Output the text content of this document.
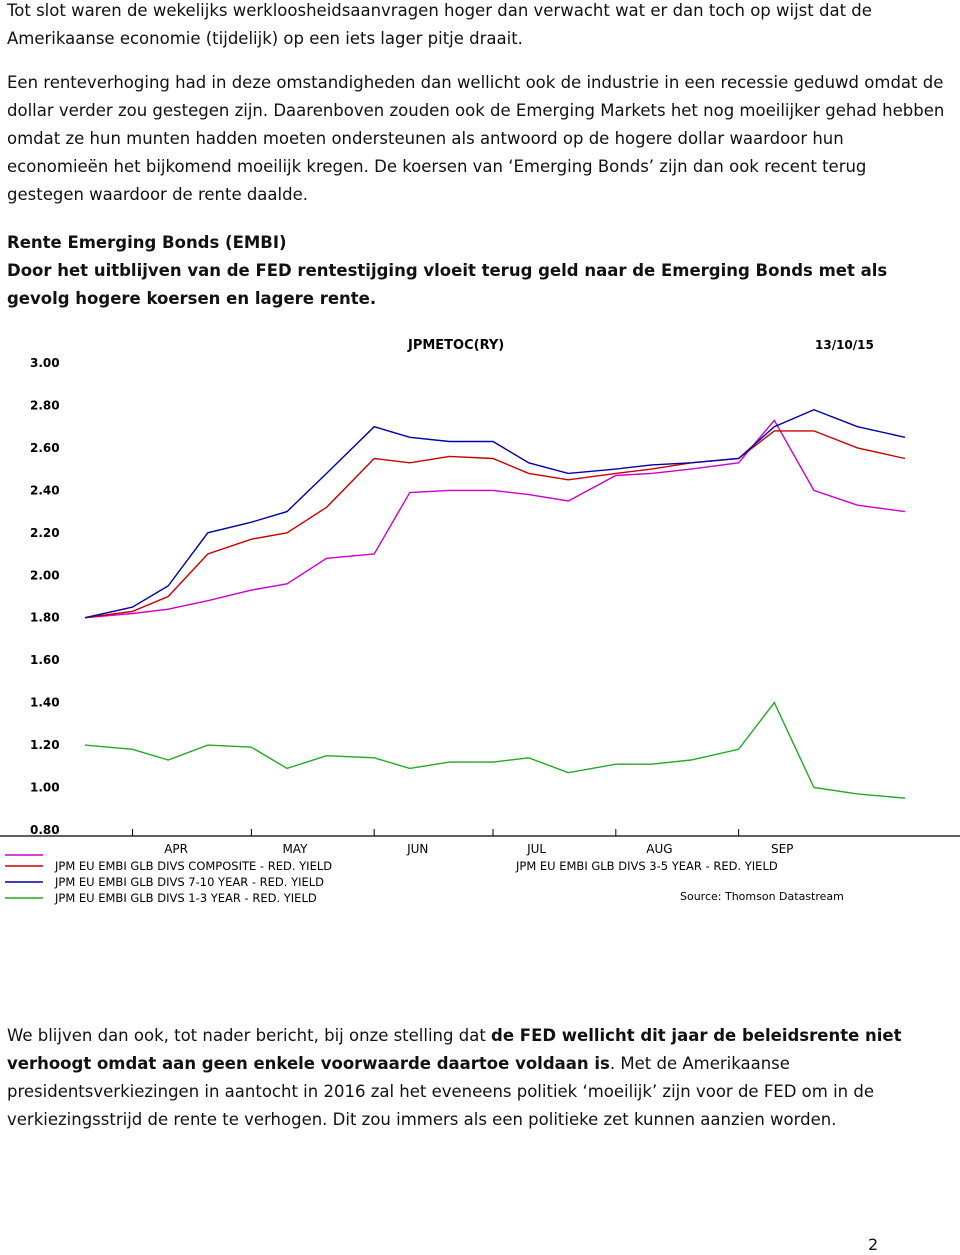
Tot slot waren de wekelijks werkloosheidsaanvragen hoger dan verwacht wat er dan toch op wijst dat de Amerikaanse economie (tijdelijk) op een iets lager pitje draait.

Een renteverhoging had in deze omstandigheden dan wellicht ook de industrie in een recessie geduwd omdat de dollar verder zou gestegen zijn. Daarenboven zouden ook de Emerging Markets het nog moeilijker gehad hebben omdat ze hun munten hadden moeten ondersteunen als antwoord op de hogere dollar waardoor hun economieën het bijkomend moeilijk kregen. De koersen van ‘Emerging Bonds’ zijn dan ook recent terug gestegen waardoor de rente daalde.

Rente Emerging Bonds (EMBI)

Door het uitblijven van de FED rentestijging vloeit terug geld naar de Emerging Bonds met als gevolg hogere koersen en lagere rente.

3.00
2.80
2.60
2.40
2.20
2.00
1.80
1.60
1.40
1.20
1.00
0.80
APR	MAY	JUN	JUL	AUG	SEP
JPMETOC(RY)	13/10/15
JPM EU EMBI GLB DIVS COMPOSITE - RED. YIELD	JPM EU EMBI GLB DIVS 3-5 YEAR - RED. YIELD
JPM EU EMBI GLB DIVS 7-10 YEAR - RED. YIELD
JPM EU EMBI GLB DIVS 1-3 YEAR - RED. YIELD	Source: Thomson Datastream

We blijven dan ook, tot nader bericht, bij onze stelling dat de FED wellicht dit jaar de beleidsrente niet verhoogt omdat aan geen enkele voorwaarde daartoe voldaan is. Met de Amerikaanse presidentsverkiezingen in aantocht in 2016 zal het eveneens politiek ‘moeilijk’ zijn voor de FED om in de verkiezingsstrijd de rente te verhogen. Dit zou immers als een politieke zet kunnen aanzien worden.

2
